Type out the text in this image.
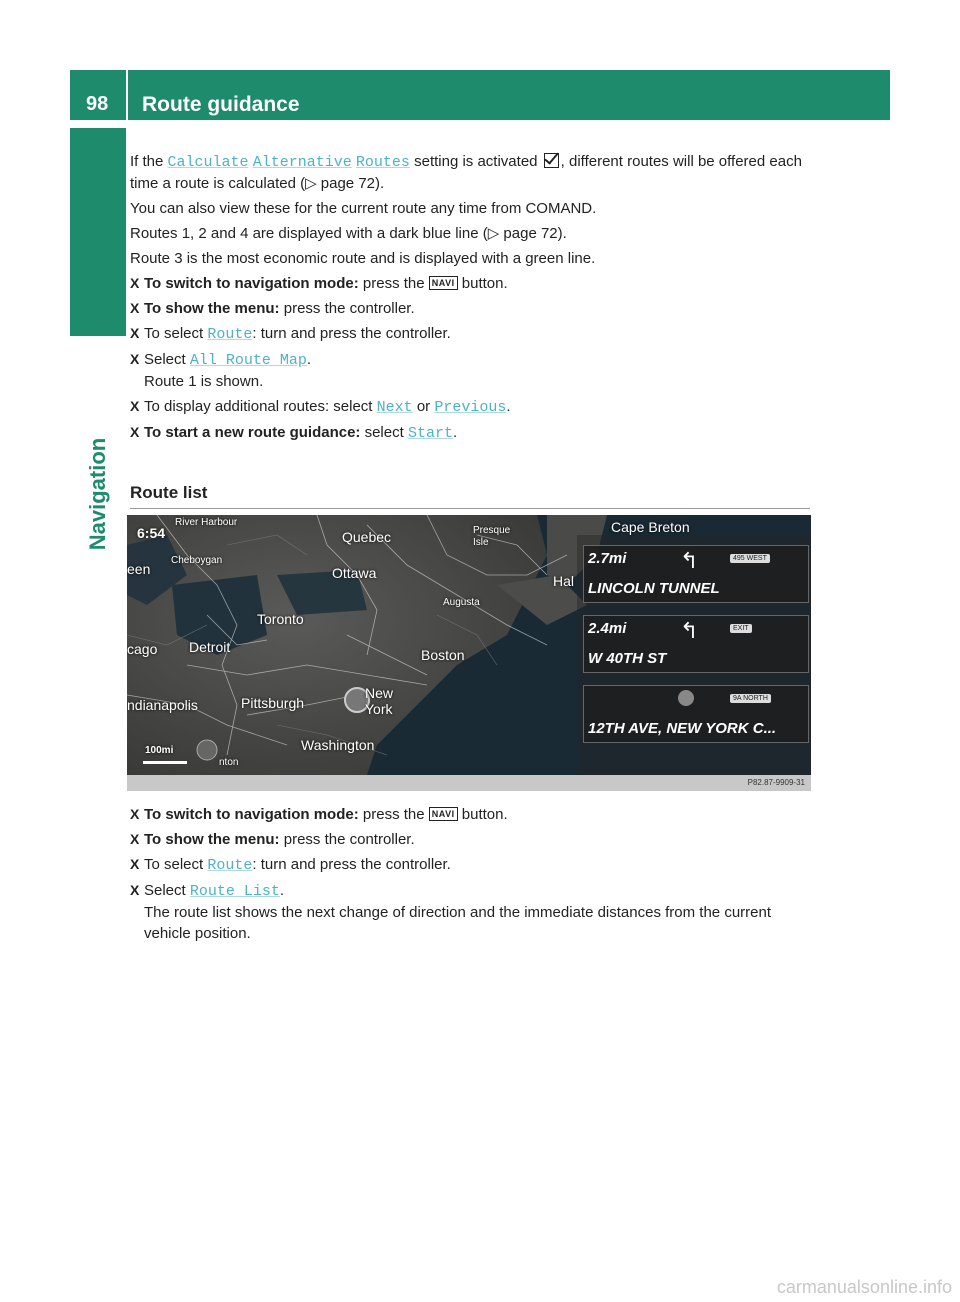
98 Route guidance
Navigation

If the Calculate Alternative Routes setting is activated , different routes will be offered each time a route is calculated (▷ page 72).

You can also view these for the current route any time from COMAND.

Routes 1, 2 and 4 are displayed with a dark blue line (▷ page 72).

Route 3 is the most economic route and is displayed with a green line.

X To switch to navigation mode: press the NAVI button.
X To show the menu: press the controller.
X To select Route: turn and press the controller.
X Select All Route Map.
Route 1 is shown.
X To display additional routes: select Next or Previous.
X To start a new route guidance: select Start.
Route list
6:54
River Harbour
Cheboygan
een
Quebec	Presque Isle
Cape Breton
Ottawa	Hal
Augusta
Toronto
cago Detroit	Boston
ndianapolis	Pittsburgh
New York
Washington
nton
100mi
2.7mi ↰	495 WEST
LINCOLN TUNNEL
2.4mi ↰	EXIT
W 40TH ST
9A NORTH
12TH AVE, NEW YORK C...
P82.87-9909-31
X To switch to navigation mode: press the NAVI button.
X To show the menu: press the controller.
X To select Route: turn and press the controller.
X Select Route List.
The route list shows the next change of direction and the immediate distances from the current vehicle position.
carmanualsonline.info
